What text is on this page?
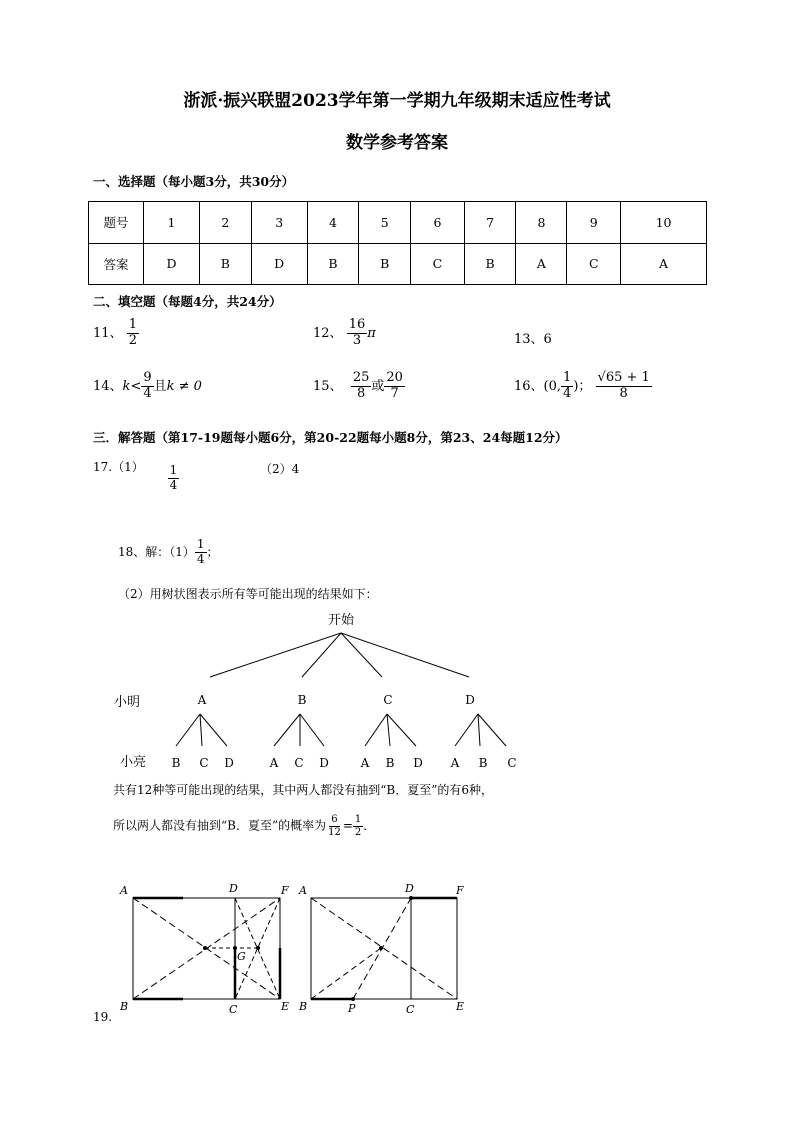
浙派·振兴联盟2023学年第一学期九年级期末适应性考试
数学参考答案
一、选择题（每小题3分，共30分）
题号	1	2	3	4	5	6	7	8	9	10
答案	D	B	D	B	B	C	B	A	C	A
二、填空题（每题4分，共24分）
11、 $\frac{1}{2}$	12、 $\frac{16}{3}$ π	13、6
14、$k< \frac{9}{4}$ 且k ≠ 0	15、 $\frac{25}{8}$ 或 $\frac{20}{7}$	16、(0, $\frac{1}{4}$ )； $\frac{√65 + 1}{8}$
三．解答题（第17-19题每小题6分，第20-22题每小题8分，第23、24每题12分）
$17.(1) \frac{1}{4}$	（2）4
18、解：$(1) \frac{1}{4}$ ；
（2）用树状图表示所有等可能出现的结果如下：
开始
小明
小亮
A	B	C	D
B C D	A C D	A B D A B C
共有12种等可能出现的结果，其中两人都没有抽到“B．夏至”的有6种，
所以两人都没有抽到“B．夏至”的概率为 $\frac{6}{12} = \frac{1}{2}$ ．
A	D	F
B	C	E
G
A	D	F
B	P	C	E
19.
